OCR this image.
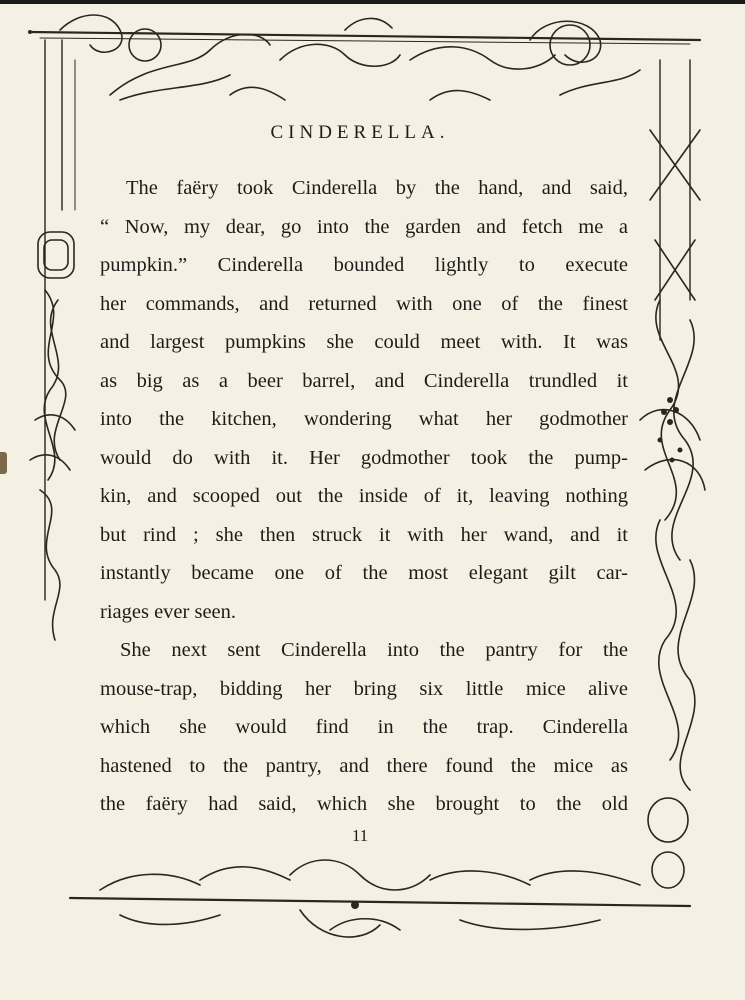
CINDERELLA.
The faëry took Cinderella by the hand, and said,
“ Now, my dear, go into the garden and fetch me a
pumpkin.” Cinderella bounded lightly to execute
her commands, and returned with one of the finest
and largest pumpkins she could meet with. It was
as big as a beer barrel, and Cinderella trundled it
into the kitchen, wondering what her godmother
would do with it. Her godmother took the pump-
kin, and scooped out the inside of it, leaving nothing
but rind ; she then struck it with her wand, and it
instantly became one of the most elegant gilt car-
riages ever seen.
She next sent Cinderella into the pantry for the
mouse-trap, bidding her bring six little mice alive
which she would find in the trap. Cinderella
hastened to the pantry, and there found the mice as
the faëry had said, which she brought to the old
11
